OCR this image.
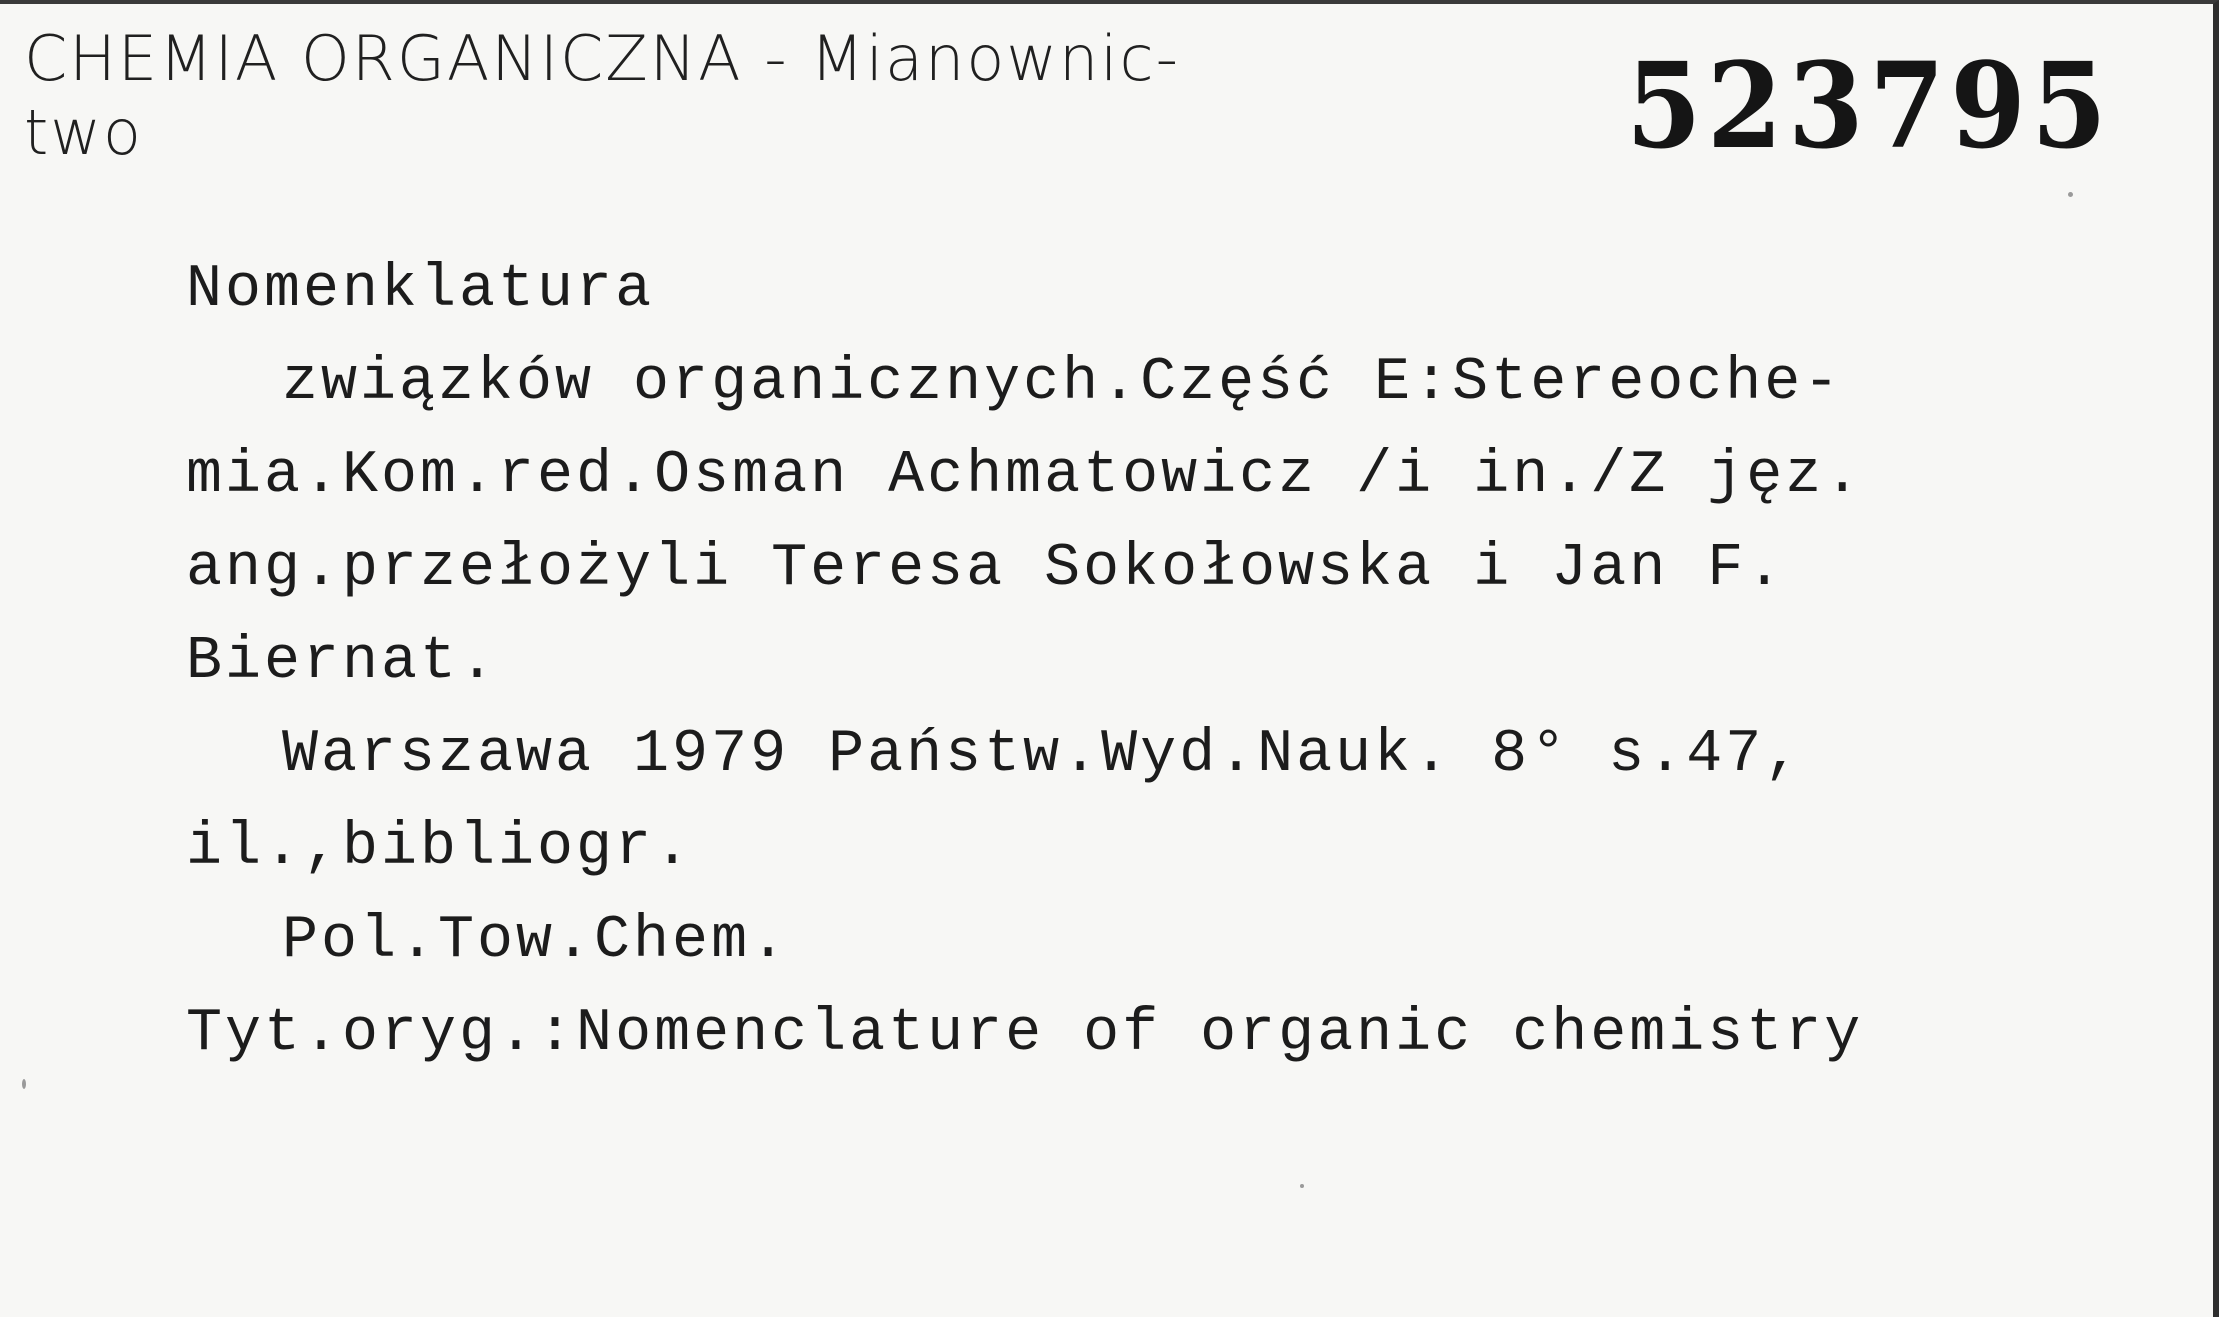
CHEMIA ORGANICZNA - Mianownic-
two	523795
Nomenklatura
związków organicznych.Część E:Stereoche-
mia.Kom.red.Osman Achmatowicz /i in./Z jęz.
ang.przełożyli Teresa Sokołowska i Jan F.
Biernat.
Warszawa 1979 Państw.Wyd.Nauk. 8° s.47,
il.,bibliogr.
Pol.Tow.Chem.
Tyt.oryg.:Nomenclature of organic chemistry
